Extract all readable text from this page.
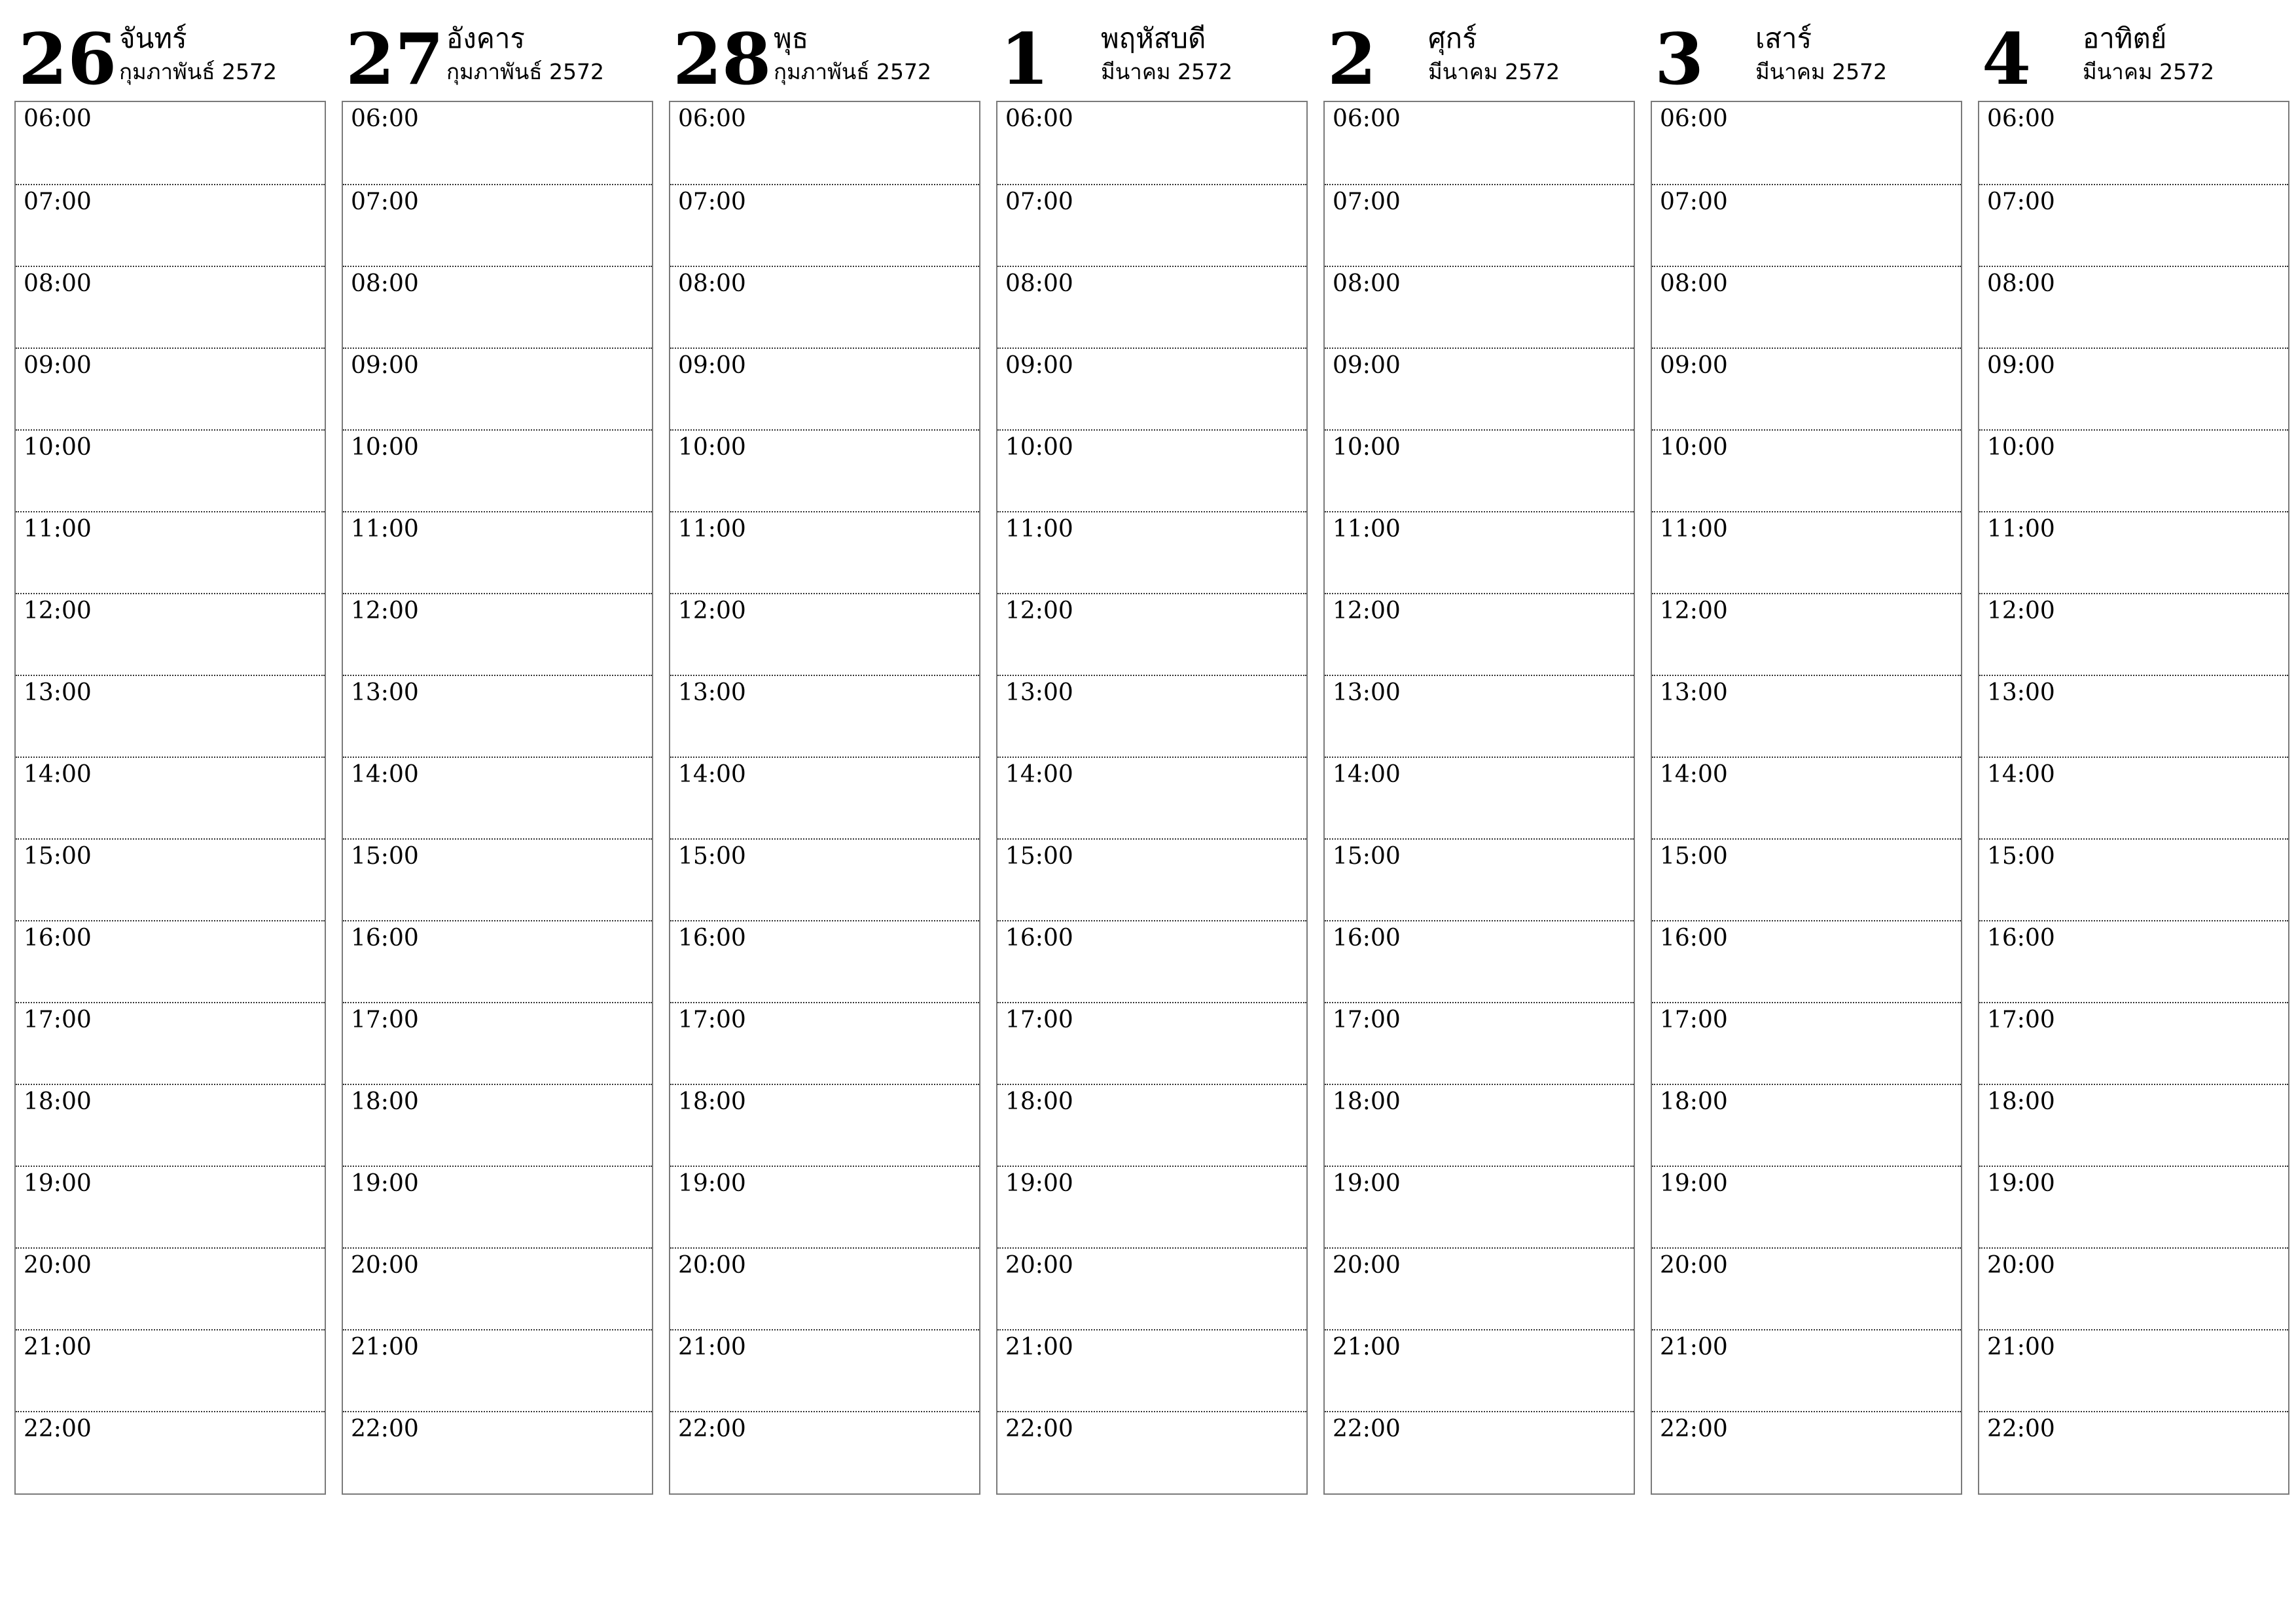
26 จันทร์
กุมภาพันธ์ 2572
06:00
07:00
08:00
09:00
10:00
11:00
12:00
13:00
14:00
15:00
16:00
17:00
18:00
19:00
20:00
21:00
22:00
27 อังคาร
กุมภาพันธ์ 2572
06:00
07:00
08:00
09:00
10:00
11:00
12:00
13:00
14:00
15:00
16:00
17:00
18:00
19:00
20:00
21:00
22:00
28 พุธ
กุมภาพันธ์ 2572
06:00
07:00
08:00
09:00
10:00
11:00
12:00
13:00
14:00
15:00
16:00
17:00
18:00
19:00
20:00
21:00
22:00
1 พฤหัสบดี
มีนาคม 2572
06:00
07:00
08:00
09:00
10:00
11:00
12:00
13:00
14:00
15:00
16:00
17:00
18:00
19:00
20:00
21:00
22:00
2 ศุกร์
มีนาคม 2572
06:00
07:00
08:00
09:00
10:00
11:00
12:00
13:00
14:00
15:00
16:00
17:00
18:00
19:00
20:00
21:00
22:00
3 เสาร์
มีนาคม 2572
06:00
07:00
08:00
09:00
10:00
11:00
12:00
13:00
14:00
15:00
16:00
17:00
18:00
19:00
20:00
21:00
22:00
4 อาทิตย์
มีนาคม 2572
06:00
07:00
08:00
09:00
10:00
11:00
12:00
13:00
14:00
15:00
16:00
17:00
18:00
19:00
20:00
21:00
22:00
